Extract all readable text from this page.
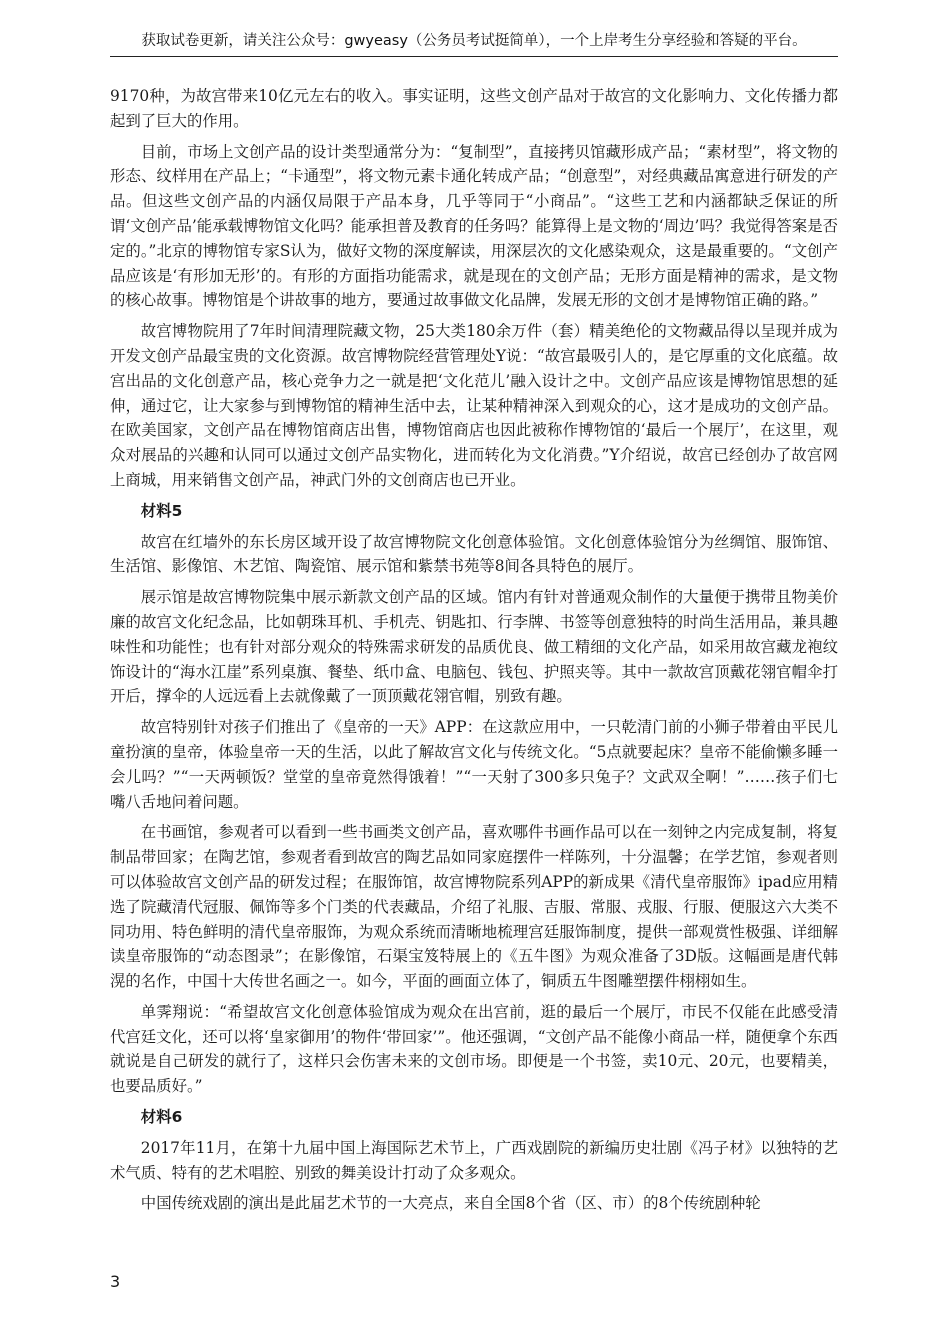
获取试卷更新，请关注公众号：gwyeasy（公务员考试挺简单），一个上岸考生分享经验和答疑的平台。

9170种，为故宫带来10亿元左右的收入。事实证明，这些文创产品对于故宫的文化影响力、文化传播力都起到了巨大的作用。

目前，市场上文创产品的设计类型通常分为：“复制型”，直接拷贝馆藏形成产品；“素材型”，将文物的形态、纹样用在产品上；“卡通型”，将文物元素卡通化转成产品；“创意型”，对经典藏品寓意进行研发的产品。但这些文创产品的内涵仅局限于产品本身，几乎等同于“小商品”。“这些工艺和内涵都缺乏保证的所谓‘文创产品’能承载博物馆文化吗？能承担普及教育的任务吗？能算得上是文物的‘周边’吗？我觉得答案是否定的。”北京的博物馆专家S认为，做好文物的深度解读，用深层次的文化感染观众，这是最重要的。“文创产品应该是‘有形加无形’的。有形的方面指功能需求，就是现在的文创产品；无形方面是精神的需求，是文物的核心故事。博物馆是个讲故事的地方，要通过故事做文化品牌，发展无形的文创才是博物馆正确的路。”

故宫博物院用了7年时间清理院藏文物，25大类180余万件（套）精美绝伦的文物藏品得以呈现并成为开发文创产品最宝贵的文化资源。故宫博物院经营管理处Y说：“故宫最吸引人的，是它厚重的文化底蕴。故宫出品的文化创意产品，核心竞争力之一就是把‘文化范儿’融入设计之中。文创产品应该是博物馆思想的延伸，通过它，让大家参与到博物馆的精神生活中去，让某种精神深入到观众的心，这才是成功的文创产品。在欧美国家，文创产品在博物馆商店出售，博物馆商店也因此被称作博物馆的‘最后一个展厅’，在这里，观众对展品的兴趣和认同可以通过文创产品实物化，进而转化为文化消费。”Y介绍说，故宫已经创办了故宫网上商城，用来销售文创产品，神武门外的文创商店也已开业。

材料5

故宫在红墙外的东长房区域开设了故宫博物院文化创意体验馆。文化创意体验馆分为丝绸馆、服饰馆、生活馆、影像馆、木艺馆、陶瓷馆、展示馆和紫禁书苑等8间各具特色的展厅。

展示馆是故宫博物院集中展示新款文创产品的区域。馆内有针对普通观众制作的大量便于携带且物美价廉的故宫文化纪念品，比如朝珠耳机、手机壳、钥匙扣、行李牌、书签等创意独特的时尚生活用品，兼具趣味性和功能性；也有针对部分观众的特殊需求研发的品质优良、做工精细的文化产品，如采用故宫藏龙袍纹饰设计的“海水江崖”系列桌旗、餐垫、纸巾盒、电脑包、钱包、护照夹等。其中一款故宫顶戴花翎官帽伞打开后，撑伞的人远远看上去就像戴了一顶顶戴花翎官帽，别致有趣。

故宫特别针对孩子们推出了《皇帝的一天》APP：在这款应用中，一只乾清门前的小狮子带着由平民儿童扮演的皇帝，体验皇帝一天的生活，以此了解故宫文化与传统文化。“5点就要起床？皇帝不能偷懒多睡一会儿吗？”“一天两顿饭？堂堂的皇帝竟然得饿着！”“一天射了300多只兔子？文武双全啊！”……孩子们七嘴八舌地问着问题。

在书画馆，参观者可以看到一些书画类文创产品，喜欢哪件书画作品可以在一刻钟之内完成复制，将复制品带回家；在陶艺馆，参观者看到故宫的陶艺品如同家庭摆件一样陈列，十分温馨；在学艺馆，参观者则可以体验故宫文创产品的研发过程；在服饰馆，故宫博物院系列APP的新成果《清代皇帝服饰》ipad应用精选了院藏清代冠服、佩饰等多个门类的代表藏品，介绍了礼服、吉服、常服、戎服、行服、便服这六大类不同功用、特色鲜明的清代皇帝服饰，为观众系统而清晰地梳理宫廷服饰制度，提供一部观赏性极强、详细解读皇帝服饰的“动态图录”；在影像馆，石渠宝笈特展上的《五牛图》为观众准备了3D版。这幅画是唐代韩滉的名作，中国十大传世名画之一。如今，平面的画面立体了，铜质五牛图雕塑摆件栩栩如生。

单霁翔说：“希望故宫文化创意体验馆成为观众在出宫前，逛的最后一个展厅，市民不仅能在此感受清代宫廷文化，还可以将‘皇家御用’的物件‘带回家’”。他还强调，“文创产品不能像小商品一样，随便拿个东西就说是自己研发的就行了，这样只会伤害未来的文创市场。即便是一个书签，卖10元、20元，也要精美，也要品质好。”

材料6

2017年11月，在第十九届中国上海国际艺术节上，广西戏剧院的新编历史壮剧《冯子材》以独特的艺术气质、特有的艺术唱腔、别致的舞美设计打动了众多观众。

中国传统戏剧的演出是此届艺术节的一大亮点，来自全国8个省（区、市）的8个传统剧种轮

3
